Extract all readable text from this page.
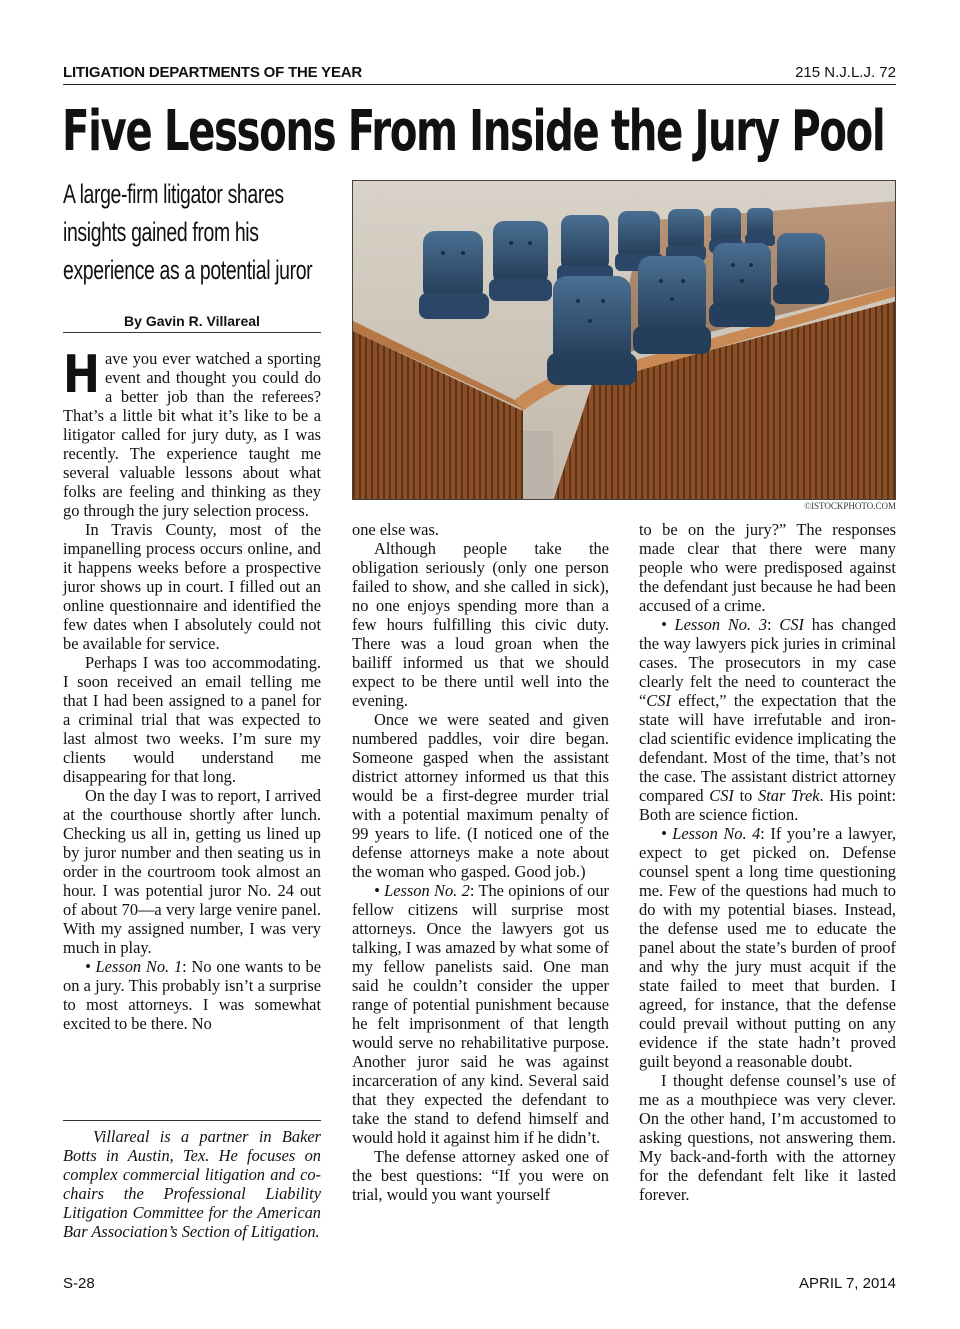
LITIGATION DEPARTMENTS OF THE YEAR	215 N.J.L.J. 72
Five Lessons From Inside the Jury Pool
A large-firm litigator shares
insights gained from his
experience as a potential juror
By Gavin R. Villareal
©ISTOCKPHOTO.COM

Have you ever watched a sporting event and thought you could do a better job than the referees? That’s a little bit what it’s like to be a litigator called for jury duty, as I was recently. The experience taught me several valuable lessons about what folks are feeling and thinking as they go through the jury selection process.

In Travis County, most of the impanelling process occurs online, and it happens weeks before a prospective juror shows up in court. I filled out an online questionnaire and identified the few dates when I absolutely could not be available for service.

Perhaps I was too accommodating. I soon received an email telling me that I had been assigned to a panel for a criminal trial that was expected to last almost two weeks. I’m sure my clients would understand me disappearing for that long.

On the day I was to report, I arrived at the courthouse shortly after lunch. Checking us all in, getting us lined up by juror number and then seating us in order in the courtroom took almost an hour. I was potential juror No. 24 out of about 70—a very large venire panel. With my assigned number, I was very much in play.

• Lesson No. 1: No one wants to be on a jury. This probably isn’t a surprise to most attorneys. I was somewhat excited to be there. No

Villareal is a partner in Baker Botts in Austin, Tex. He focuses on complex commercial litigation and co-chairs the Professional Liability Litigation Committee for the American Bar Association’s Section of Litigation.

one else was.

Although people take the obligation seriously (only one person failed to show, and she called in sick), no one enjoys spending more than a few hours fulfilling this civic duty. There was a loud groan when the bailiff informed us that we should expect to be there until well into the evening.

Once we were seated and given numbered paddles, voir dire began. Someone gasped when the assistant district attorney informed us that this would be a first-degree murder trial with a potential maximum penalty of 99 years to life. (I noticed one of the defense attorneys make a note about the woman who gasped. Good job.)

• Lesson No. 2: The opinions of our fellow citizens will surprise most attorneys. Once the lawyers got us talking, I was amazed by what some of my fellow panelists said. One man said he couldn’t consider the upper range of potential punishment because he felt imprisonment of that length would serve no rehabilitative purpose. Another juror said he was against incarceration of any kind. Several said that they expected the defendant to take the stand to defend himself and would hold it against him if he didn’t.

The defense attorney asked one of the best questions: “If you were on trial, would you want yourself

to be on the jury?” The responses made clear that there were many people who were predisposed against the defendant just because he had been accused of a crime.

• Lesson No. 3: CSI has changed the way lawyers pick juries in criminal cases. The prosecutors in my case clearly felt the need to counteract the “CSI effect,” the expectation that the state will have irrefutable and iron-clad scientific evidence implicating the defendant. Most of the time, that’s not the case. The assistant district attorney compared CSI to Star Trek. His point: Both are science fiction.

• Lesson No. 4: If you’re a lawyer, expect to get picked on. Defense counsel spent a long time questioning me. Few of the questions had much to do with my potential biases. Instead, the defense used me to educate the panel about the state’s burden of proof and why the jury must acquit if the state failed to meet that burden. I agreed, for instance, that the defense could prevail without putting on any evidence if the state hadn’t proved guilt beyond a reasonable doubt.

I thought defense counsel’s use of me as a mouthpiece was very clever. On the other hand, I’m accustomed to asking questions, not answering them. My back-and-forth with the attorney for the defendant felt like it lasted forever.

S-28	APRIL 7, 2014
